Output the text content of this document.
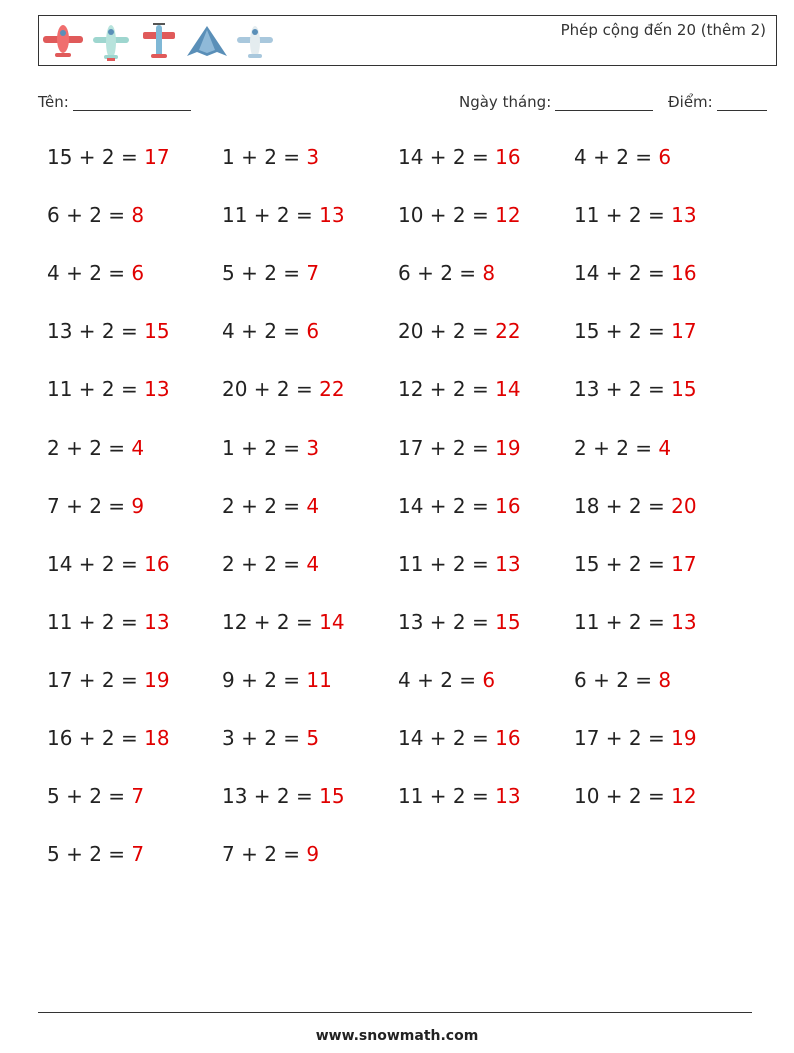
Phép cộng đến 20 (thêm 2)
Tên:	Ngày tháng:	Điểm:
15 + 2 = 17	1 + 2 = 3	14 + 2 = 16	4 + 2 = 6
6 + 2 = 8	11 + 2 = 13	10 + 2 = 12	11 + 2 = 13
4 + 2 = 6	5 + 2 = 7	6 + 2 = 8	14 + 2 = 16
13 + 2 = 15	4 + 2 = 6	20 + 2 = 22	15 + 2 = 17
11 + 2 = 13	20 + 2 = 22	12 + 2 = 14	13 + 2 = 15
2 + 2 = 4	1 + 2 = 3	17 + 2 = 19	2 + 2 = 4
7 + 2 = 9	2 + 2 = 4	14 + 2 = 16	18 + 2 = 20
14 + 2 = 16	2 + 2 = 4	11 + 2 = 13	15 + 2 = 17
11 + 2 = 13	12 + 2 = 14	13 + 2 = 15	11 + 2 = 13
17 + 2 = 19	9 + 2 = 11	4 + 2 = 6	6 + 2 = 8
16 + 2 = 18	3 + 2 = 5	14 + 2 = 16	17 + 2 = 19
5 + 2 = 7	13 + 2 = 15	11 + 2 = 13	10 + 2 = 12
5 + 2 = 7	7 + 2 = 9
www.snowmath.com
